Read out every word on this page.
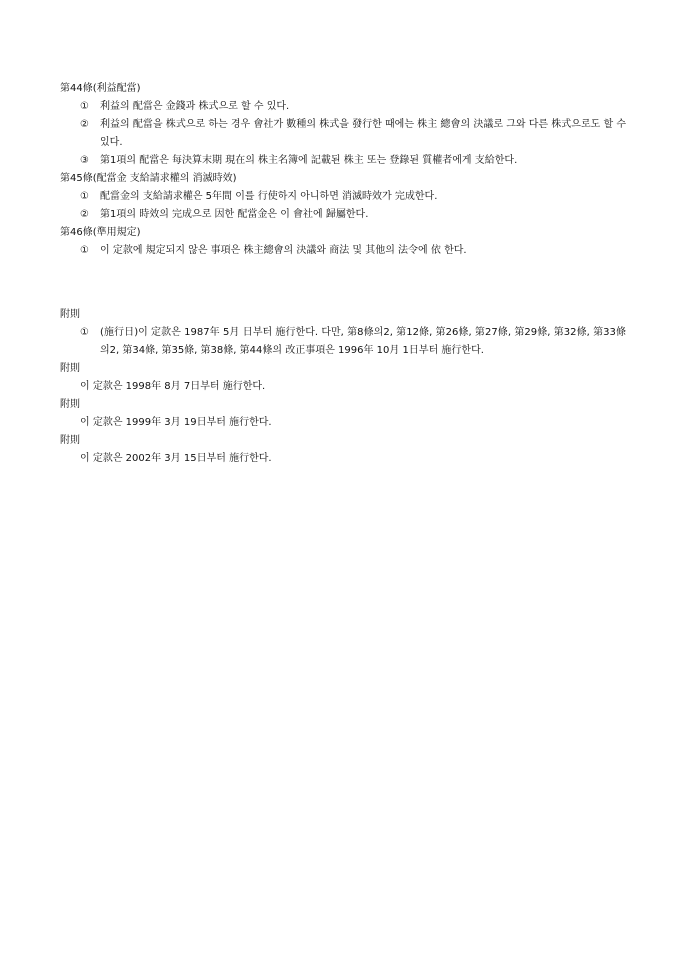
第44條(利益配當)
①	利益의 配當은 金錢과 株式으로 할 수 있다.
②	利益의 配當을 株式으로 하는 경우 會社가 數種의 株式을 發行한 때에는 株主 總會의 決議로 그와 다른 株式으로도 할 수 있다.
③	第1項의 配當은 每決算末期 現在의 株主名簿에 記載된 株主 또는 登錄된 質權者에게 支給한다.
第45條(配當金 支給請求權의 消滅時效)
①	配當金의 支給請求權은 5年間 이를 行使하지 아니하면 消滅時效가 完成한다.
②	第1項의 時效의 完成으로 因한 配當金은 이 會社에 歸屬한다.
第46條(準用規定)
①	이 定款에 規定되지 않은 事項은 株主總會의 決議와 商法 및 其他의 法令에 依 한다.
附則
①	(施行日)이 定款은 1987年 5月 日부터 施行한다. 다만, 第8條의2, 第12條, 第26條, 第27條, 第29條, 第32條, 第33條의2, 第34條, 第35條, 第38條, 第44條의 改正事項은 1996年 10月 1日부터 施行한다.
附則
이 定款은 1998年 8月 7日부터 施行한다.
附則
이 定款은 1999年 3月 19日부터 施行한다.
附則
이 定款은 2002年 3月 15日부터 施行한다.
